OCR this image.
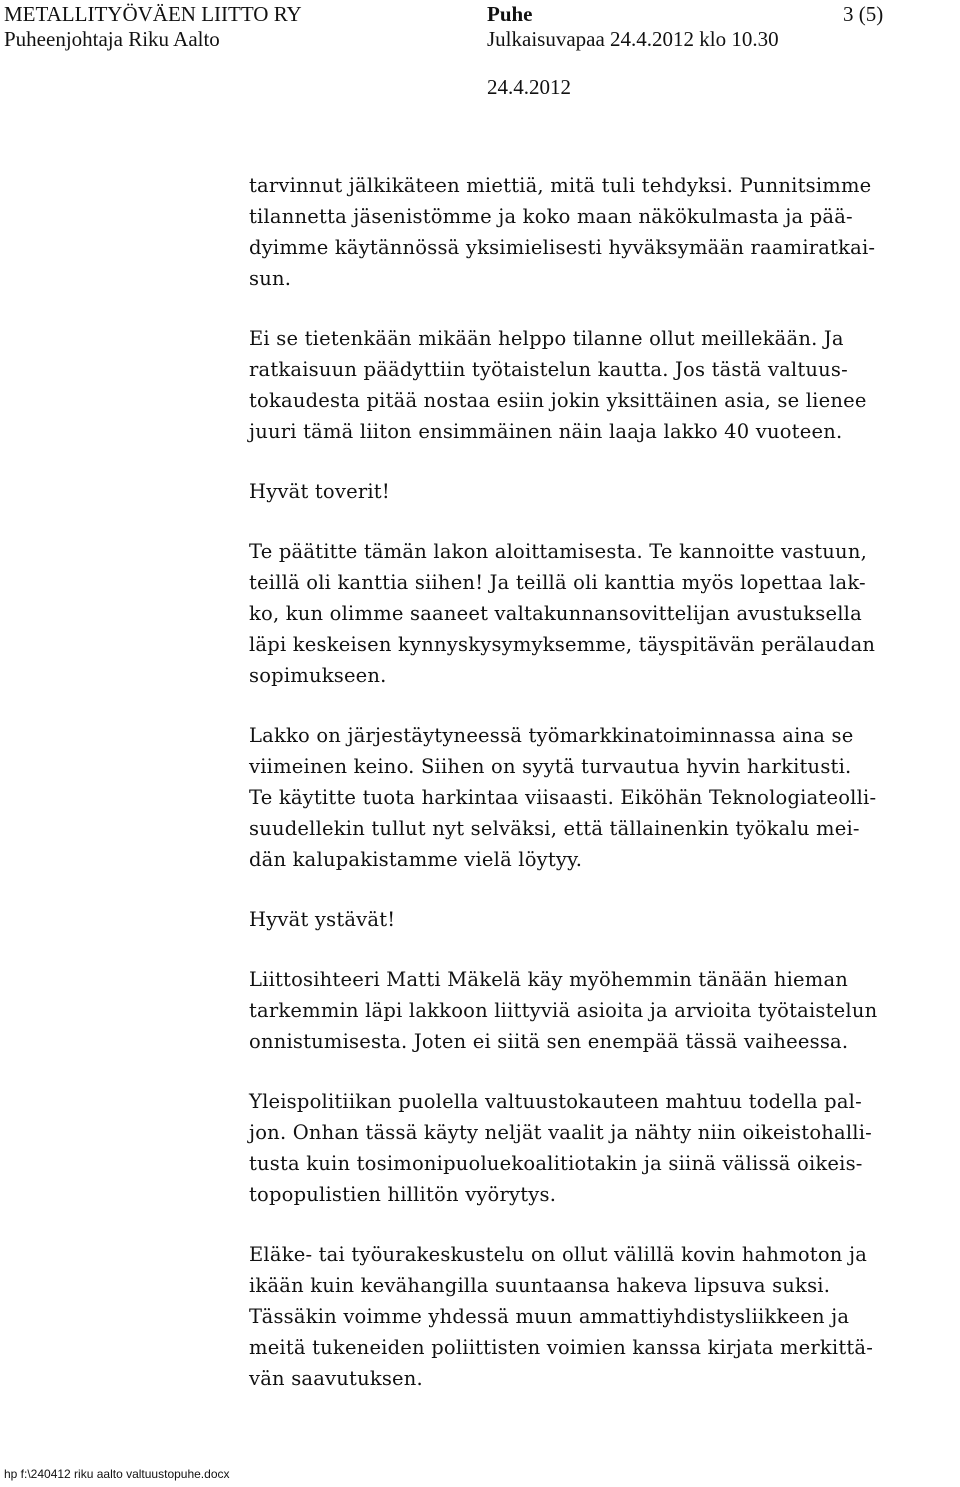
METALLITYÖVÄEN LIITTO RY
Puheenjohtaja Riku Aalto
Puhe
Julkaisuvapaa 24.4.2012 klo 10.30
3 (5)
24.4.2012

tarvinnut jälkikäteen miettiä, mitä tuli tehdyksi. Punnitsimme
tilannetta jäsenistömme ja koko maan näkökulmasta ja pää-
dyimme käytännössä yksimielisesti hyväksymään raamiratkai-
sun.

Ei se tietenkään mikään helppo tilanne ollut meillekään. Ja
ratkaisuun päädyttiin työtaistelun kautta. Jos tästä valtuus-
tokaudesta pitää nostaa esiin jokin yksittäinen asia, se lienee
juuri tämä liiton ensimmäinen näin laaja lakko 40 vuoteen.

Hyvät toverit!

Te päätitte tämän lakon aloittamisesta. Te kannoitte vastuun,
teillä oli kanttia siihen! Ja teillä oli kanttia myös lopettaa lak-
ko, kun olimme saaneet valtakunnansovittelijan avustuksella
läpi keskeisen kynnyskysymyksemme, täyspitävän perälaudan
sopimukseen.

Lakko on järjestäytyneessä työmarkkinatoiminnassa aina se
viimeinen keino. Siihen on syytä turvautua hyvin harkitusti.
Te käytitte tuota harkintaa viisaasti. Eiköhän Teknologiateolli-
suudellekin tullut nyt selväksi, että tällainenkin työkalu mei-
dän kalupakistamme vielä löytyy.

Hyvät ystävät!

Liittosihteeri Matti Mäkelä käy myöhemmin tänään hieman
tarkemmin läpi lakkoon liittyviä asioita ja arvioita työtaistelun
onnistumisesta. Joten ei siitä sen enempää tässä vaiheessa.

Yleispolitiikan puolella valtuustokauteen mahtuu todella pal-
jon. Onhan tässä käyty neljät vaalit ja nähty niin oikeistohalli-
tusta kuin tosimonipuoluekoalitiotakin ja siinä välissä oikeis-
topopulistien hillitön vyörytys.

Eläke- tai työurakeskustelu on ollut välillä kovin hahmoton ja
ikään kuin kevähangilla suuntaansa hakeva lipsuva suksi.
Tässäkin voimme yhdessä muun ammattiyhdistysliikkeen ja
meitä tukeneiden poliittisten voimien kanssa kirjata merkittä-
vän saavutuksen.

hp f:\240412 riku aalto valtuustopuhe.docx
